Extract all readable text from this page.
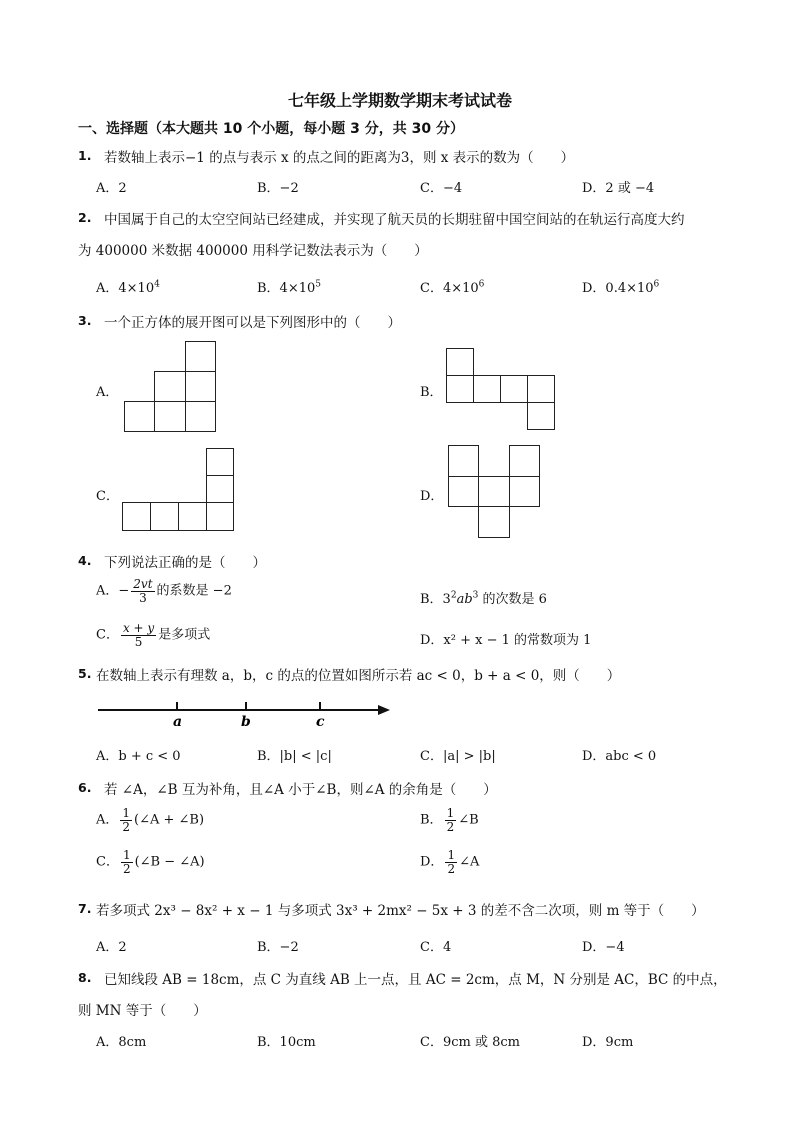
七年级上学期数学期末考试试卷
一、选择题（本大题共 10 个小题，每小题 3 分，共 30 分）
1. 若数轴上表示−1 的点与表示 x 的点之间的距离为3，则 x 表示的数为（　　）
A．2	B．−2	C．−4	D．2 或 −4
2. 中国属于自己的太空空间站已经建成，并实现了航天员的长期驻留中国空间站的在轨运行高度大约
为 400000 米数据 400000 用科学记数法表示为（　　）
A．$4\times 10^4$	B．$4\times 10^5$	C．$4\times 10^6$	D．$0.4\times 10^6$
3. 一个正方体的展开图可以是下列图形中的（　　）
A．	B．
C．	D．
4. 下列说法正确的是（　　）
A．− $\frac{2vt}{3}$ 的系数是 −2
B．$3^2ab^3$ 的次数是 6
C． $\frac{x + y}{5}$ 是多项式	D．x² + x − 1 的常数项为 1
5. 在数轴上表示有理数 a，b，c 的点的位置如图所示若 ac < 0，b + a < 0，则（　　）
a	b	c
A．b + c < 0	B．|b| < |c|	C．|a| > |b|	D．abc < 0
6. 若 ∠A，∠B 互为补角，且∠A 小于∠B，则∠A 的余角是（　　）
A． $\frac{1}{2}$ (∠A + ∠B)	B． $\frac{1}{2}$ ∠B
C． $\frac{1}{2}$ (∠B − ∠A)	D． $\frac{1}{2}$ ∠A
7. 若多项式 2x³ − 8x² + x − 1 与多项式 3x³ + 2mx² − 5x + 3 的差不含二次项，则 m 等于（　　）
A．2	B．−2	C．4	D．−4
8. 已知线段 AB = 18cm，点 C 为直线 AB 上一点，且 AC = 2cm，点 M，N 分别是 AC，BC 的中点，
则 MN 等于（　　）
A．8cm	B．10cm	C．9cm 或 8cm	D．9cm
